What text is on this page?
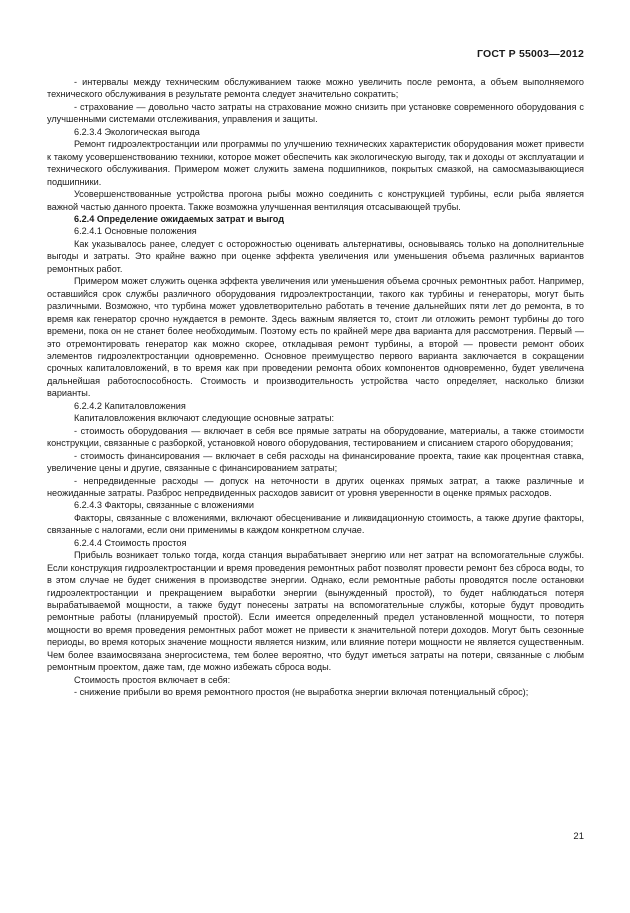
ГОСТ Р 55003—2012

- интервалы между техническим обслуживанием также можно увеличить после ремонта, а объем выполняемого технического обслуживания в результате ремонта следует значительно сократить;

- страхование — довольно часто затраты на страхование можно снизить при установке современного оборудования с улучшенными системами отслеживания, управления и защиты.

6.2.3.4 Экологическая выгода

Ремонт гидроэлектростанции или программы по улучшению технических характеристик оборудования может привести к такому усовершенствованию техники, которое может обеспечить как экологическую выгоду, так и доходы от эксплуатации и технического обслуживания. Примером может служить замена подшипников, покрытых смазкой, на самосмазывающиеся подшипники.

Усовершенствованные устройства прогона рыбы можно соединить с конструкцией турбины, если рыба является важной частью данного проекта. Также возможна улучшенная вентиляция отсасывающей трубы.

6.2.4 Определение ожидаемых затрат и выгод

6.2.4.1 Основные положения

Как указывалось ранее, следует с осторожностью оценивать альтернативы, основываясь только на дополнительные выгоды и затраты. Это крайне важно при оценке эффекта увеличения или уменьшения объема различных вариантов ремонтных работ.

Примером может служить оценка эффекта увеличения или уменьшения объема срочных ремонтных работ. Например, оставшийся срок службы различного оборудования гидроэлектростанции, такого как турбины и генераторы, могут быть различными. Возможно, что турбина может удовлетворительно работать в течение дальнейших пяти лет до ремонта, в то время как генератор срочно нуждается в ремонте. Здесь важным является то, стоит ли отложить ремонт турбины до того времени, пока он не станет более необходимым. Поэтому есть по крайней мере два варианта для рассмотрения. Первый — это отремонтировать генератор как можно скорее, откладывая ремонт турбины, а второй — провести ремонт обоих элементов гидроэлектростанции одновременно. Основное преимущество первого варианта заключается в сокращении срочных капиталовложений, в то время как при проведении ремонта обоих компонентов одновременно, будет увеличена дальнейшая работоспособность. Стоимость и производительность устройства часто определяет, насколько близки варианты.

6.2.4.2 Капиталовложения

Капиталовложения включают следующие основные затраты:

- стоимость оборудования — включает в себя все прямые затраты на оборудование, материалы, а также стоимости конструкции, связанные с разборкой, установкой нового оборудования, тестированием и списанием старого оборудования;

- стоимость финансирования — включает в себя расходы на финансирование проекта, такие как процентная ставка, увеличение цены и другие, связанные с финансированием затраты;

- непредвиденные расходы — допуск на неточности в других оценках прямых затрат, а также различные и неожиданные затраты. Разброс непредвиденных расходов зависит от уровня уверенности в оценке прямых расходов.

6.2.4.3 Факторы, связанные с вложениями

Факторы, связанные с вложениями, включают обесценивание и ликвидационную стоимость, а также другие факторы, связанные с налогами, если они применимы в каждом конкретном случае.

6.2.4.4 Стоимость простоя

Прибыль возникает только тогда, когда станция вырабатывает энергию или нет затрат на вспомогательные службы. Если конструкция гидроэлектростанции и время проведения ремонтных работ позволят провести ремонт без сброса воды, то в этом случае не будет снижения в производстве энергии. Однако, если ремонтные работы проводятся после остановки гидроэлектростанции и прекращением выработки энергии (вынужденный простой), то будет наблюдаться потеря вырабатываемой мощности, а также будут понесены затраты на вспомогательные службы, которые будут проводить ремонтные работы (планируемый простой). Если имеется определенный предел установленной мощности, то потеря мощности во время проведения ремонтных работ может не привести к значительной потери доходов. Могут быть сезонные периоды, во время которых значение мощности является низким, или влияние потери мощности не является существенным. Чем более взаимосвязана энергосистема, тем более вероятно, что будут иметься затраты на потери, связанные с любым ремонтным проектом, даже там, где можно избежать сброса воды.

Стоимость простоя включает в себя:

- снижение прибыли во время ремонтного простоя (не выработка энергии включая потенциальный сброс);

21
